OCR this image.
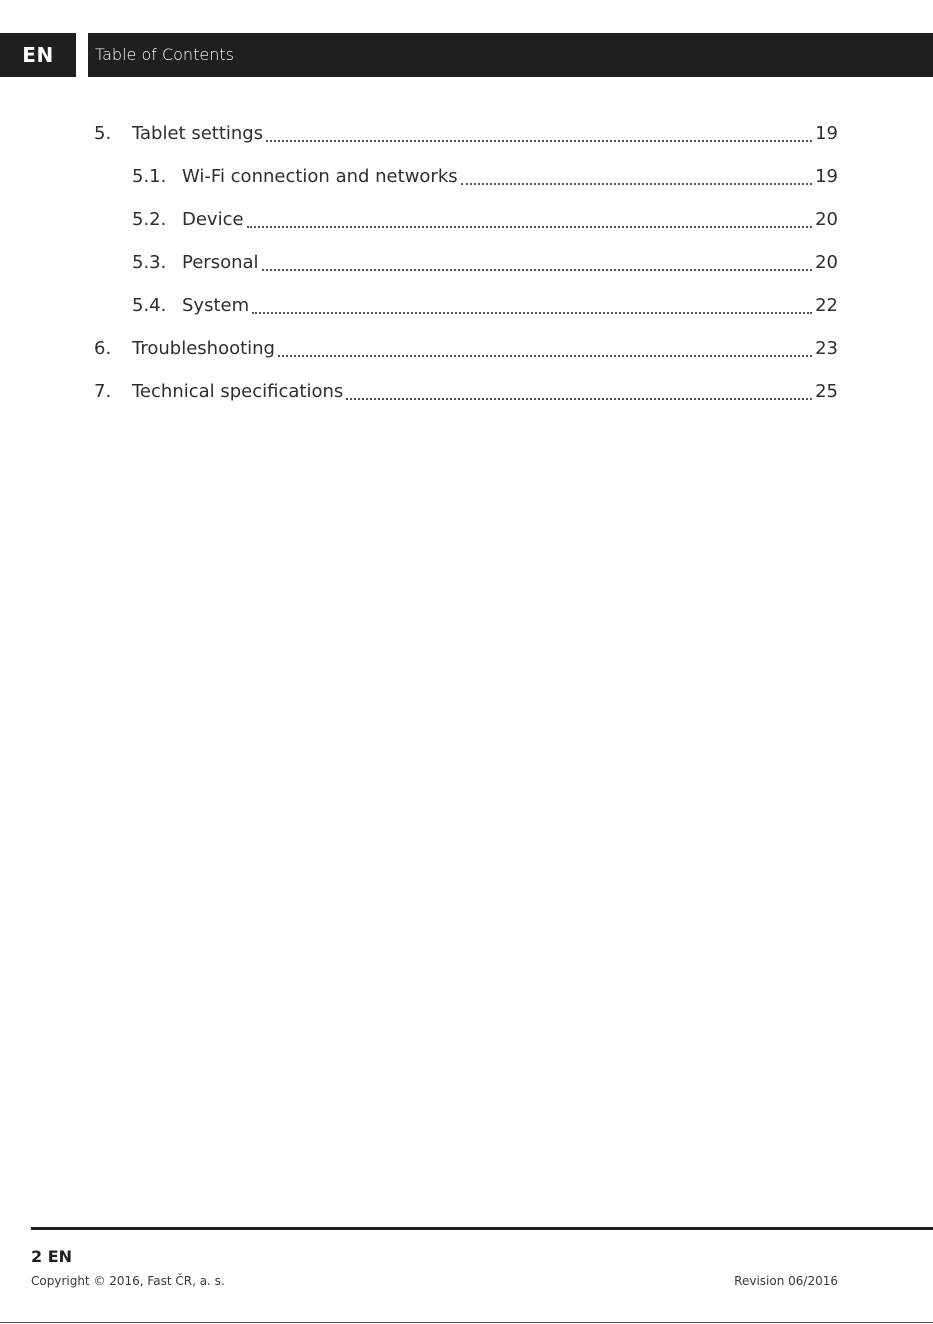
EN	Table of Contents
5.	Tablet settings	19
5.1. Wi-Fi connection and networks	19
5.2. Device	20
5.3. Personal	20
5.4. System	22
6.	Troubleshooting	23
7.	Technical specifications	25
2 EN
Copyright © 2016, Fast ČR, a. s.	Revision 06/2016
